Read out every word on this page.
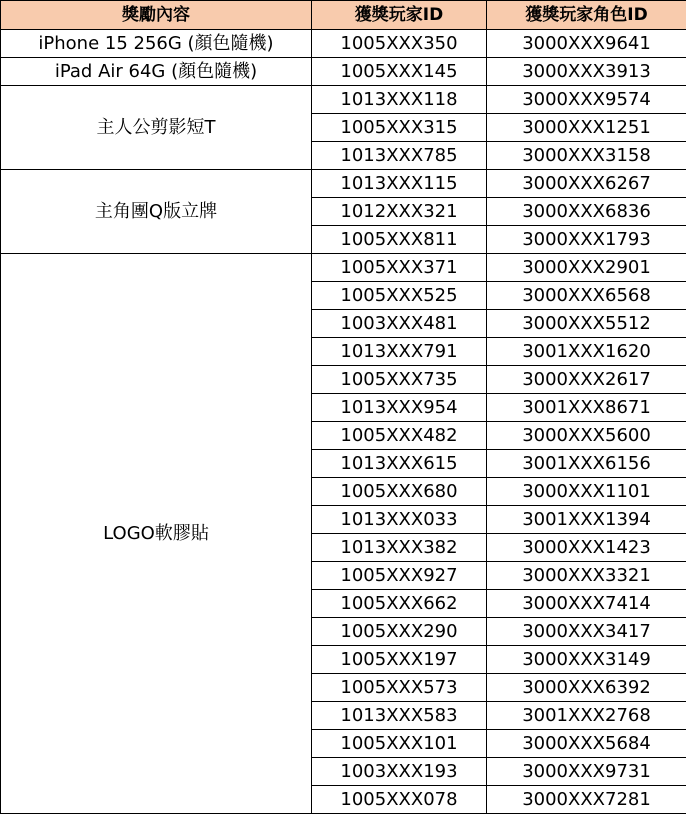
獎勵內容	獲獎玩家ID	獲獎玩家角色ID
iPhone 15 256G (顏色隨機)	1005XXX350	3000XXX9641
iPad Air 64G (顏色隨機)	1005XXX145	3000XXX3913
主人公剪影短T	1013XXX118	3000XXX9574
	1005XXX315	3000XXX1251
	1013XXX785	3000XXX3158
主角團Q版立牌	1013XXX115	3000XXX6267
	1012XXX321	3000XXX6836
	1005XXX811	3000XXX1793
LOGO軟膠貼	1005XXX371	3000XXX2901
	1005XXX525	3000XXX6568
	1003XXX481	3000XXX5512
	1013XXX791	3001XXX1620
	1005XXX735	3000XXX2617
	1013XXX954	3001XXX8671
	1005XXX482	3000XXX5600
	1013XXX615	3001XXX6156
	1005XXX680	3000XXX1101
	1013XXX033	3001XXX1394
	1013XXX382	3000XXX1423
	1005XXX927	3000XXX3321
	1005XXX662	3000XXX7414
	1005XXX290	3000XXX3417
	1005XXX197	3000XXX3149
	1005XXX573	3000XXX6392
	1013XXX583	3001XXX2768
	1005XXX101	3000XXX5684
	1003XXX193	3000XXX9731
	1005XXX078	3000XXX7281
